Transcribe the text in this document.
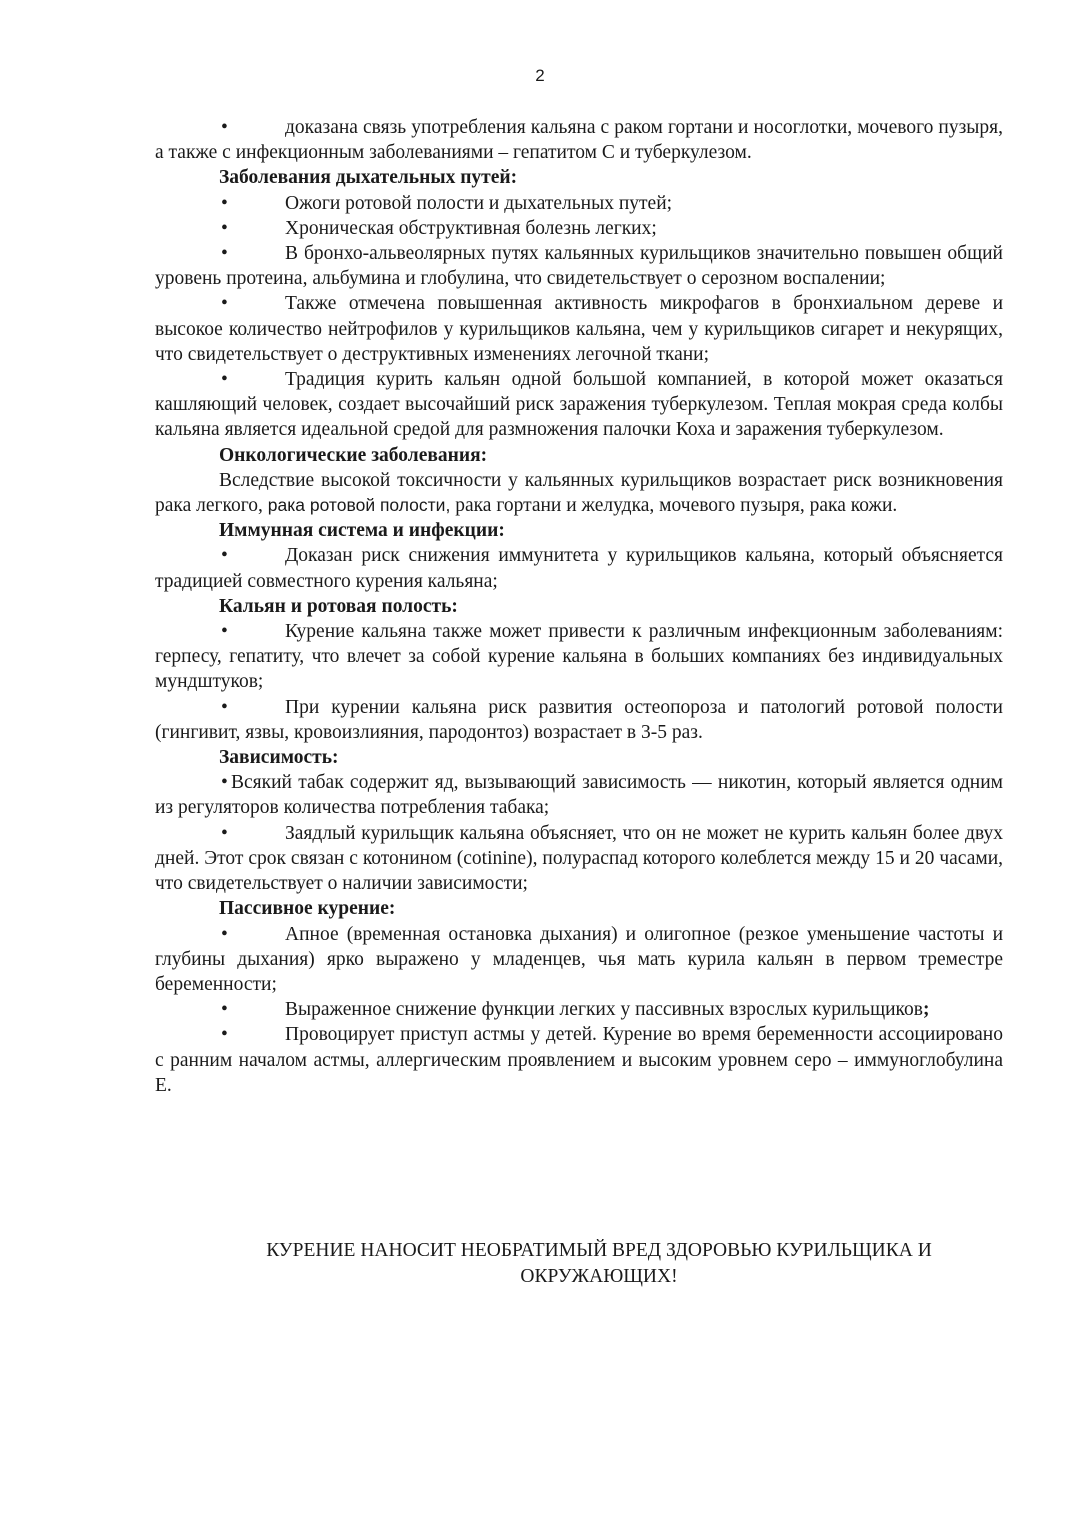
2

•	доказана связь употребления кальяна с раком гортани и носоглотки, мочевого пузыря, а также с инфекционным заболеваниями – гепатитом С и туберкулезом.

Заболевания дыхательных путей:

•	Ожоги ротовой полости и дыхательных путей;

•	Хроническая обструктивная болезнь легких;

•	В бронхо-альвеолярных путях кальянных курильщиков значительно повышен общий уровень протеина, альбумина и глобулина, что свидетельствует о серозном воспалении;

•	Также отмечена повышенная активность микрофагов в бронхиальном дереве и высокое количество нейтрофилов у курильщиков кальяна, чем у курильщиков сигарет и некурящих, что свидетельствует о деструктивных изменениях легочной ткани;

•	Традиция курить кальян одной большой компанией, в которой может оказаться кашляющий человек, создает высочайший риск заражения туберкулезом. Теплая мокрая среда колбы кальяна является идеальной средой для размножения палочки Коха и заражения туберкулезом.

Онкологические заболевания:

Вследствие высокой токсичности у кальянных курильщиков возрастает риск возникновения рака легкого, рака ротовой полости, рака гортани и желудка, мочевого пузыря, рака кожи.

Иммунная система и инфекции:

•	Доказан риск снижения иммунитета у курильщиков кальяна, который объясняется традицией совместного курения кальяна;

Кальян и ротовая полость:

•	Курение кальяна также может привести к различным инфекционным заболеваниям: герпесу, гепатиту, что влечет за собой курение кальяна в больших компаниях без индивидуальных мундштуков;

•	При курении кальяна риск развития остеопороза и патологий ротовой полости (гингивит, язвы, кровоизлияния, пародонтоз) возрастает в 3-5 раз.

Зависимость:

• Всякий табак содержит яд, вызывающий зависимость — никотин, который является одним из регуляторов количества потребления табака;

•	Заядлый курильщик кальяна объясняет, что он не может не курить кальян более двух дней. Этот срок связан с котонином (cotinine), полураспад которого колеблется между 15 и 20 часами, что свидетельствует о наличии зависимости;

Пассивное курение:

•	Апное (временная остановка дыхания) и олигопное (резкое уменьшение частоты и глубины дыхания) ярко выражено у младенцев, чья мать курила кальян в первом треместре беременности;

•	Выраженное снижение функции легких у пассивных взрослых курильщиков;

•	Провоцирует приступ астмы у детей. Курение во время беременности ассоциировано с ранним началом астмы, аллергическим проявлением и высоким уровнем серо – иммуноглобулина Е.

КУРЕНИЕ НАНОСИТ НЕОБРАТИМЫЙ ВРЕД ЗДОРОВЬЮ КУРИЛЬЩИКА И
ОКРУЖАЮЩИХ!
